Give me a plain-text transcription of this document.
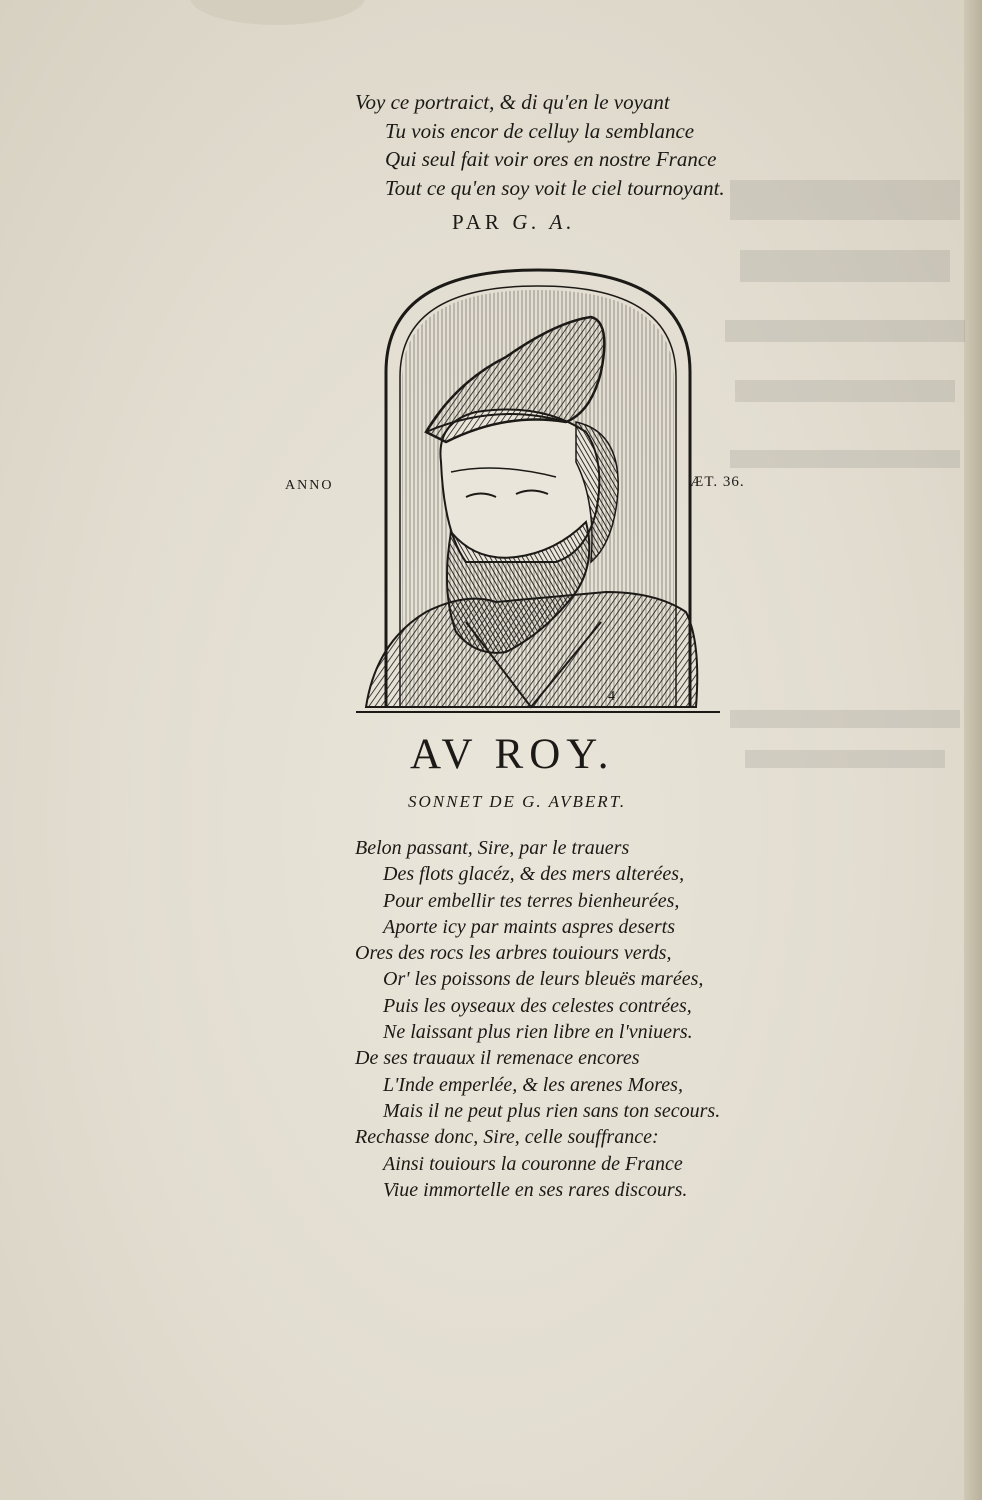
Voy ce portraict, & di qu'en le voyant
Tu vois encor de celluy la semblance
Qui seul fait voir ores en nostre France
Tout ce qu'en soy voit le ciel tournoyant.
PAR G. A.
ANNO	ÆT. 36.
4
AV ROY.
SONNET DE G. AVBERT.
Belon passant, Sire, par le trauers
Des flots glacéz, & des mers alterées,
Pour embellir tes terres bienheurées,
Aporte icy par maints aspres deserts
Ores des rocs les arbres touiours verds,
Or' les poissons de leurs bleuës marées,
Puis les oyseaux des celestes contrées,
Ne laissant plus rien libre en l'vniuers.
De ses trauaux il remenace encores
L'Inde emperlée, & les arenes Mores,
Mais il ne peut plus rien sans ton secours.
Rechasse donc, Sire, celle souffrance:
Ainsi touiours la couronne de France
Viue immortelle en ses rares discours.
